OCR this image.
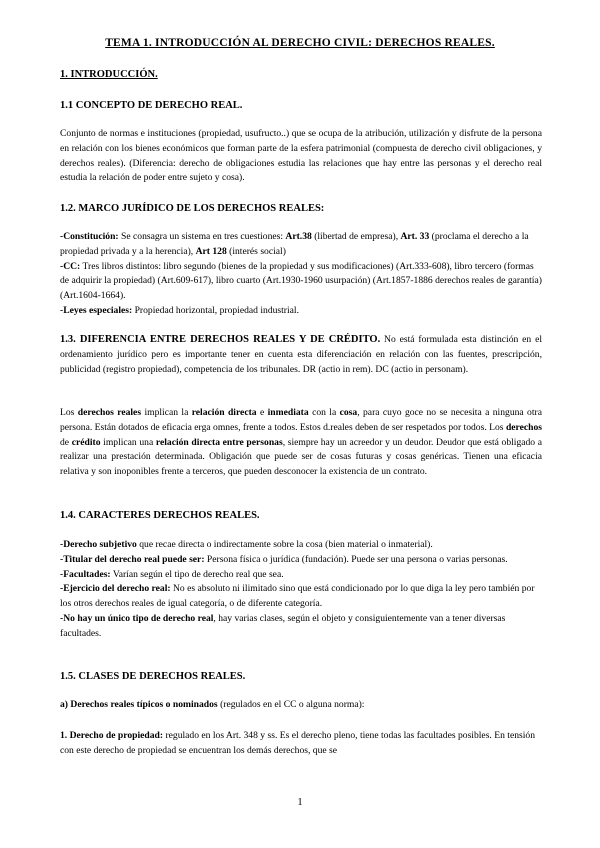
TEMA 1. INTRODUCCIÓN AL DERECHO CIVIL: DERECHOS REALES.
1. INTRODUCCIÓN.
1.1 CONCEPTO DE DERECHO REAL.
Conjunto de normas e instituciones (propiedad, usufructo..) que se ocupa de la atribución, utilización y disfrute de la persona en relación con los bienes económicos que forman parte de la esfera patrimonial (compuesta de derecho civil obligaciones, y derechos reales). (Diferencia: derecho de obligaciones estudia las relaciones que hay entre las personas y el derecho real estudia la relación de poder entre sujeto y cosa).
1.2. MARCO JURÍDICO DE LOS DERECHOS REALES:
-Constitución: Se consagra un sistema en tres cuestiones: Art.38 (libertad de empresa), Art. 33 (proclama el derecho a la propiedad privada y a la herencia), Art 128 (interés social)
-CC: Tres libros distintos: libro segundo (bienes de la propiedad y sus modificaciones) (Art.333-608), libro tercero (formas de adquirir la propiedad) (Art.609-617), libro cuarto (Art.1930-1960 usurpación) (Art.1857-1886 derechos reales de garantía) (Art.1604-1664).
-Leyes especiales: Propiedad horizontal, propiedad industrial.
1.3. DIFERENCIA ENTRE DERECHOS REALES Y DE CRÉDITO. No está formulada esta distinción en el ordenamiento jurídico pero es importante tener en cuenta esta diferenciación en relación con las fuentes, prescripción, publicidad (registro propiedad), competencia de los tribunales. DR (actio in rem). DC (actio in personam).
Los derechos reales implican la relación directa e inmediata con la cosa, para cuyo goce no se necesita a ninguna otra persona. Están dotados de eficacia erga omnes, frente a todos. Estos d.reales deben de ser respetados por todos. Los derechos de crédito implican una relación directa entre personas, siempre hay un acreedor y un deudor. Deudor que está obligado a realizar una prestación determinada. Obligación que puede ser de cosas futuras y cosas genéricas. Tienen una eficacia relativa y son inoponibles frente a terceros, que pueden desconocer la existencia de un contrato.
1.4. CARACTERES DERECHOS REALES.
-Derecho subjetivo que recae directa o indirectamente sobre la cosa (bien material o inmaterial).
-Titular del derecho real puede ser: Persona física o jurídica (fundación). Puede ser una persona o varias personas.
-Facultades: Varían según el tipo de derecho real que sea.
-Ejercicio del derecho real: No es absoluto ni ilimitado sino que está condicionado por lo que diga la ley pero también por los otros derechos reales de igual categoría, o de diferente categoría.
-No hay un único tipo de derecho real, hay varias clases, según el objeto y consiguientemente van a tener diversas facultades.
1.5. CLASES DE DERECHOS REALES.
a) Derechos reales típicos o nominados (regulados en el CC o alguna norma):
1. Derecho de propiedad: regulado en los Art. 348 y ss. Es el derecho pleno, tiene todas las facultades posibles. En tensión con este derecho de propiedad se encuentran los demás derechos, que se
1
